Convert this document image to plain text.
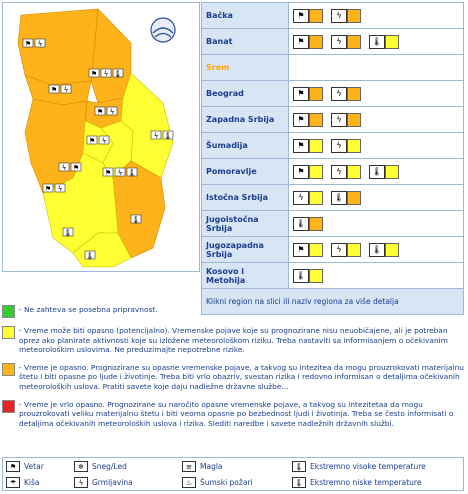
⚑ ϟ
⚑ ϟ 🌡
⚑ ϟ
⚑ ϟ
⚑ ϟ
⚑ ϟ
⚑ ϟ 🌡
ϟ 🌡
🌡
🌡
🌡
⚑
ϟ
Bačka	⚑ ϟ

Banat	⚑ ϟ 🌡

Srem	
Beograd	⚑ ϟ

Zapadna Srbija	⚑ ϟ

Šumadija	⚑ ϟ

Pomoravlje	⚑ ϟ 🌡

Istočna Srbija	ϟ 🌡

Jugoistočna Srbija	🌡

Jugozapadna Srbija	⚑ ϟ 🌡

Kosovo i Metohija	🌡

Klikni region na slici ili naziv regiona za više detalja	
- Ne zahteva se posebna pripravnost.
- Vreme može biti opasno (potencijalno). Vremenske pojave koje su prognozirane nisu neuobičajene, ali je potreban oprez ako planirate aktivnosti koje su izložene meteorološkom riziku. Treba nastaviti sa informisanjem o očekivanim meteorološkim uslovima. Ne preduzimajte nepotrebne rizike.
- Vreme je opasno. Prognozirane su opasne vremenske pojave, a takvog su intezitea da mogu prouzrokovati materijalnu štetu i biti opasne po ljude i životinje. Treba biti vrlo obazriv, svestan rizika i redovno informisan o detaljima očekivanih meteoroloških uslova. Pratiti savete koje daju nadležne državne službe...
- Vreme je vrlo opasno. Prognozirane su naročito opasne vremenske pojave, a takvog su intezitetaa da mogu prouzrokovati veliku materijalnu štetu i biti veoma opasne po bezbednost ljudi i životinja. Treba se često informisati o detaljima očekivanih meteoroloških uslova i rizika. Slediti naredbe i savete nadležnih državnih službi.
⚑	Vetar	❄	Sneg/Led	≡	Magla	🌡 Ekstremno visoke temperature
☂	Kiša	ϟ	Grmljavina	♨	Šumski požari	🌡 Ekstremno niske temperature
